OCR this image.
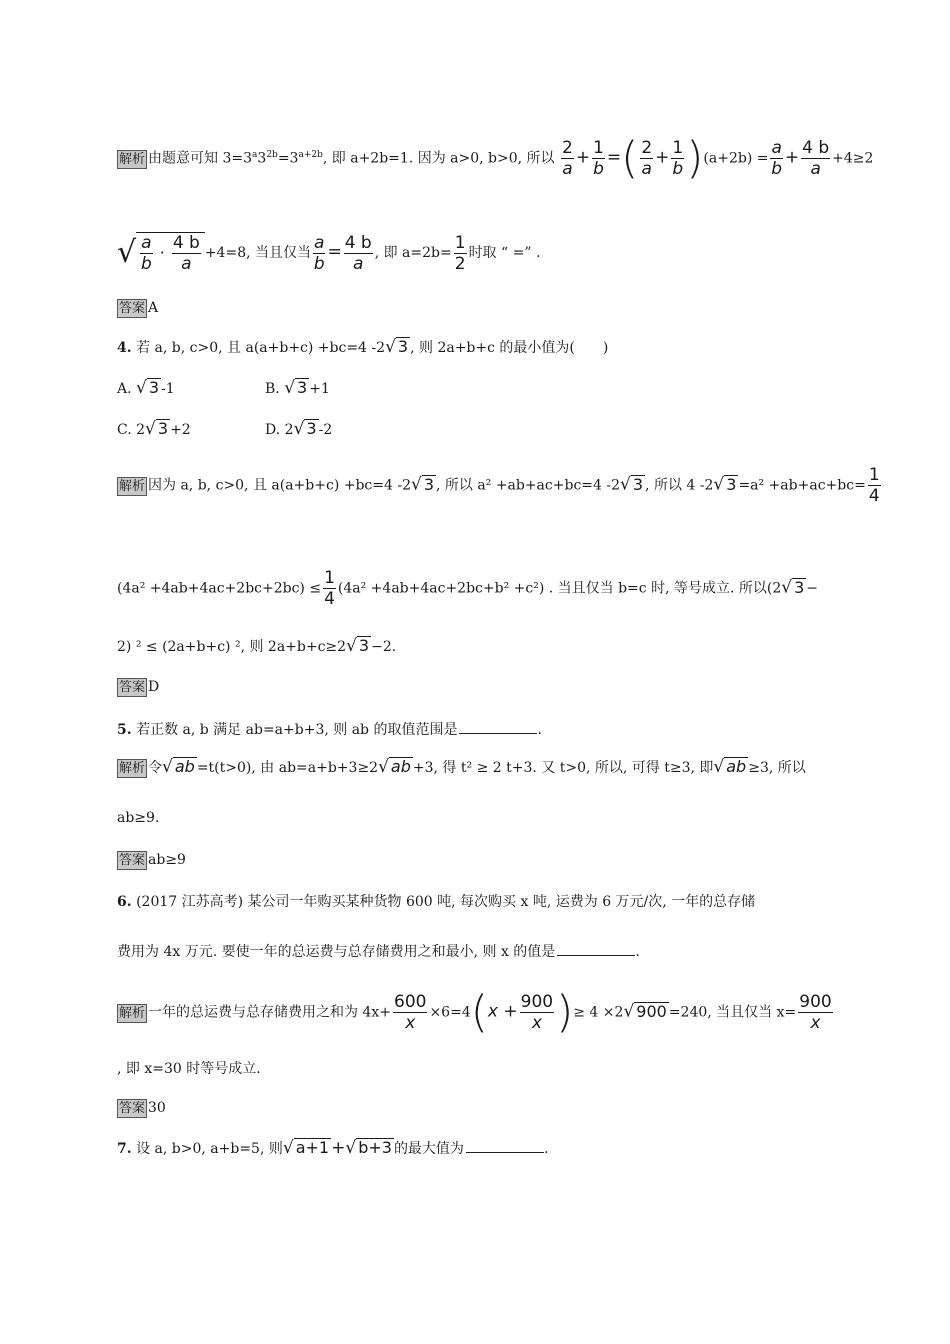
解析 由题意可知 $3=3^a3^{2b}=3^{a+2b}$, 即 a+2b=1. 因为 a>0, b>0, 所以 $\frac{2}{a} + \frac{1}{b}$ =( $\frac{2}{a} + \frac{1}{b} )(a+2b) = \frac{a}{b} + \frac{4 b}{a} +4\ge 2$
√ $\frac{a}{b} \cdot \frac{4 b}{a} +4=8$, 当且仅当 $\frac{a}{b} = \frac{4 b}{a}$ , 即 $a=2b= \frac{1}{2}$ 时取 “ =” .
答案 A
4. 若 a, b, c>0, 且 a(a+b+c) +bc=4 -2√ 3 , 则 2a+b+c 的最小值为(　　)
A. √ 3 -1	B. √ 3 +1
C. 2√ 3 +2	D. 2√ 3 -2
解析 因为 a, b, c>0, 且 a(a+b+c) +bc=4 -2√ 3 , 所以 a² +ab+ac+bc=4 -2√ 3 , 所以 4 -2√ $3 =a^2 +ab+ac+bc= \frac{1}{4}$
$(4a^2 +4ab+4ac+2bc+2bc) \le \frac{1}{4} (4a^2 +4ab+4ac+2bc+b^2 +c^2)$ . 当且仅当 b=c 时, 等号成立. 所以(2√ 3 −
2) ² ≤ (2a+b+c) ², 则 2a+b+c≥2√ 3 −2.
答案 D
5. 若正数 a, b 满足 ab=a+b+3, 则 ab 的取值范围是	.
解析 令√ ab =t(t>0), 由 ab=a+b+3≥2√ ab +3, 得 t² ≥ 2 t+3. 又 t>0, 所以, 可得 t≥3, 即√ ab ≥3, 所以
ab≥9.
答案 ab≥9
6. (2017 江苏高考) 某公司一年购买某种货物 600 吨, 每次购买 x 吨, 运费为 6 万元/次, 一年的总存储
费用为 4x 万元. 要使一年的总运费与总存储费用之和最小, 则 x 的值是	.
解析 一年的总运费与总存储费用之和为 $4x+ \frac{600}{x} \times 6=4(x + \frac{900}{x}$ )≥ 4 ×2√ 900 =240, 当且仅当 $x= \frac{900}{x}$
, 即 x=30 时等号成立.
答案 30
7. 设 a, b>0, a+b=5, 则√ a+1 +√ b+3 的最大值为	.
